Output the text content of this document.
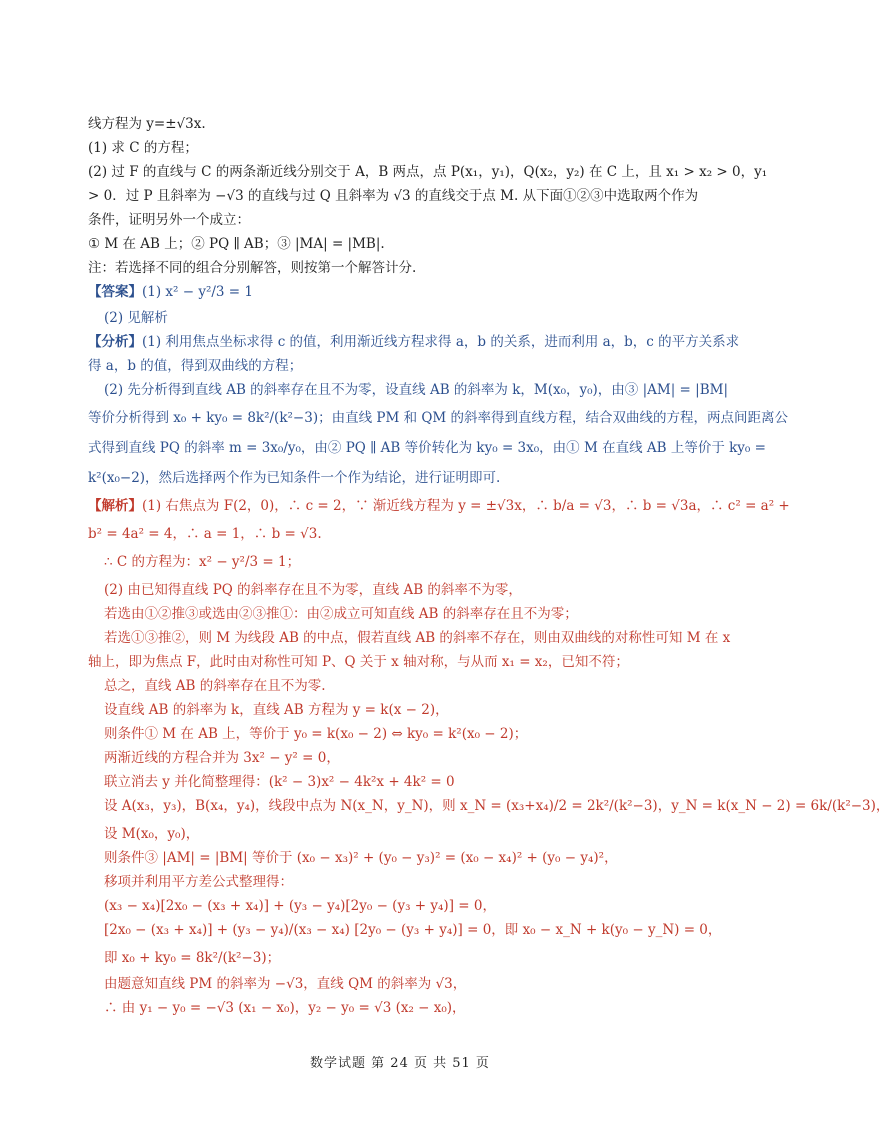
线方程为 y=±√3x.
(1) 求 C 的方程；
(2) 过 F 的直线与 C 的两条渐近线分别交于 A，B 两点，点 P(x₁，y₁)，Q(x₂，y₂) 在 C 上，且 x₁ > x₂ > 0，y₁
> 0．过 P 且斜率为 −√3 的直线与过 Q 且斜率为 √3 的直线交于点 M. 从下面①②③中选取两个作为
条件，证明另外一个成立：
① M 在 AB 上；② PQ ∥ AB；③ |MA| = |MB|.
注：若选择不同的组合分别解答，则按第一个解答计分.
【答案】(1) x² − y²/3 = 1
(2) 见解析
【分析】(1) 利用焦点坐标求得 c 的值，利用渐近线方程求得 a，b 的关系，进而利用 a，b，c 的平方关系求
得 a，b 的值，得到双曲线的方程；
(2) 先分析得到直线 AB 的斜率存在且不为零，设直线 AB 的斜率为 k，M(x₀，y₀)，由③ |AM| = |BM|
等价分析得到 x₀ + ky₀ = 8k²/(k²−3)；由直线 PM 和 QM 的斜率得到直线方程，结合双曲线的方程，两点间距离公
式得到直线 PQ 的斜率 m = 3x₀/y₀，由② PQ ∥ AB 等价转化为 ky₀ = 3x₀，由① M 在直线 AB 上等价于 ky₀ =
k²(x₀−2)，然后选择两个作为已知条件一个作为结论，进行证明即可.
【解析】(1) 右焦点为 F(2，0)，∴ c = 2，∵ 渐近线方程为 y = ±√3x，∴ b/a = √3，∴ b = √3a，∴ c² = a² +
b² = 4a² = 4，∴ a = 1，∴ b = √3.
∴ C 的方程为：x² − y²/3 = 1；
(2) 由已知得直线 PQ 的斜率存在且不为零，直线 AB 的斜率不为零，
若选由①②推③或选由②③推①：由②成立可知直线 AB 的斜率存在且不为零；
若选①③推②，则 M 为线段 AB 的中点，假若直线 AB 的斜率不存在，则由双曲线的对称性可知 M 在 x
轴上，即为焦点 F，此时由对称性可知 P、Q 关于 x 轴对称，与从而 x₁ = x₂，已知不符；
总之，直线 AB 的斜率存在且不为零.
设直线 AB 的斜率为 k，直线 AB 方程为 y = k(x − 2)，
则条件① M 在 AB 上，等价于 y₀ = k(x₀ − 2) ⇔ ky₀ = k²(x₀ − 2)；
两渐近线的方程合并为 3x² − y² = 0，
联立消去 y 并化简整理得：(k² − 3)x² − 4k²x + 4k² = 0
设 A(x₃，y₃)，B(x₄，y₄)，线段中点为 N(x_N，y_N)，则 x_N = (x₃+x₄)/2 = 2k²/(k²−3)，y_N = k(x_N − 2) = 6k/(k²−3)，
设 M(x₀，y₀)，
则条件③ |AM| = |BM| 等价于 (x₀ − x₃)² + (y₀ − y₃)² = (x₀ − x₄)² + (y₀ − y₄)²，
移项并利用平方差公式整理得：
(x₃ − x₄)[2x₀ − (x₃ + x₄)] + (y₃ − y₄)[2y₀ − (y₃ + y₄)] = 0，
[2x₀ − (x₃ + x₄)] + (y₃ − y₄)/(x₃ − x₄) [2y₀ − (y₃ + y₄)] = 0，即 x₀ − x_N + k(y₀ − y_N) = 0，
即 x₀ + ky₀ = 8k²/(k²−3)；
由题意知直线 PM 的斜率为 −√3，直线 QM 的斜率为 √3，
∴ 由 y₁ − y₀ = −√3 (x₁ − x₀)，y₂ − y₀ = √3 (x₂ − x₀)，
数学试题 第 24 页 共 51 页
